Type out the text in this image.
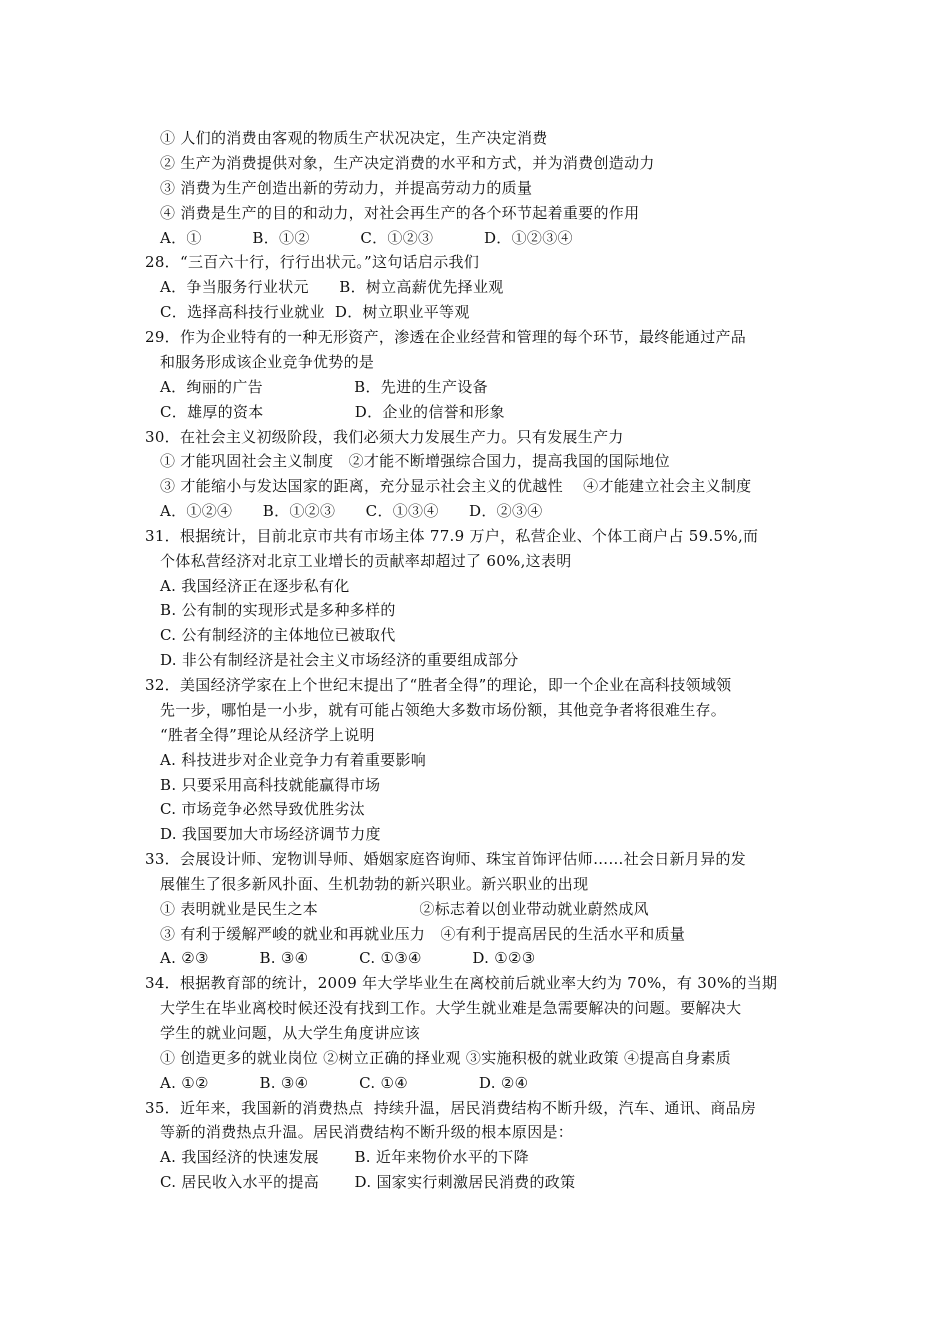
① 人们的消费由客观的物质生产状况决定，生产决定消费
② 生产为消费提供对象，生产决定消费的水平和方式，并为消费创造动力
③ 消费为生产创造出新的劳动力，并提高劳动力的质量
④ 消费是生产的目的和动力，对社会再生产的各个环节起着重要的作用
A．①          B．①②          C．①②③          D．①②③④
28．“三百六十行，行行出状元。”这句话启示我们
A．争当服务行业状元      B．树立高薪优先择业观
C．选择高科技行业就业  D．树立职业平等观
29．作为企业特有的一种无形资产，渗透在企业经营和管理的每个环节，最终能通过产品
和服务形成该企业竞争优势的是
A．绚丽的广告                  B．先进的生产设备
C．雄厚的资本                  D．企业的信誉和形象
30．在社会主义初级阶段，我们必须大力发展生产力。只有发展生产力
① 才能巩固社会主义制度   ②才能不断增强综合国力，提高我国的国际地位
③ 才能缩小与发达国家的距离，充分显示社会主义的优越性    ④才能建立社会主义制度
A．①②④      B．①②③      C．①③④      D．②③④
31．根据统计，目前北京市共有市场主体 77.9 万户，私营企业、个体工商户占 59.5%,而
个体私营经济对北京工业增长的贡献率却超过了 60%,这表明
A. 我国经济正在逐步私有化
B. 公有制的实现形式是多种多样的
C. 公有制经济的主体地位已被取代
D. 非公有制经济是社会主义市场经济的重要组成部分
32．美国经济学家在上个世纪末提出了“胜者全得”的理论，即一个企业在高科技领域领
先一步，哪怕是一小步，就有可能占领绝大多数市场份额，其他竞争者将很难生存。
“胜者全得”理论从经济学上说明
A. 科技进步对企业竞争力有着重要影响
B. 只要采用高科技就能赢得市场
C. 市场竞争必然导致优胜劣汰
D. 我国要加大市场经济调节力度
33．会展设计师、宠物训导师、婚姻家庭咨询师、珠宝首饰评估师……社会日新月异的发
展催生了很多新风扑面、生机勃勃的新兴职业。新兴职业的出现
① 表明就业是民生之本                    ②标志着以创业带动就业蔚然成风
③ 有利于缓解严峻的就业和再就业压力   ④有利于提高居民的生活水平和质量
A. ②③          B. ③④          C. ①③④          D. ①②③
34．根据教育部的统计，2009 年大学毕业生在离校前后就业率大约为 70%，有 30%的当期
大学生在毕业离校时候还没有找到工作。大学生就业难是急需要解决的问题。要解决大
学生的就业问题，从大学生角度讲应该
① 创造更多的就业岗位 ②树立正确的择业观 ③实施积极的就业政策 ④提高自身素质
A. ①②          B. ③④          C. ①④              D. ②④
35．近年来，我国新的消费热点  持续升温，居民消费结构不断升级，汽车、通讯、商品房
等新的消费热点升温。居民消费结构不断升级的根本原因是：
A. 我国经济的快速发展       B. 近年来物价水平的下降
C. 居民收入水平的提高       D. 国家实行刺激居民消费的政策
